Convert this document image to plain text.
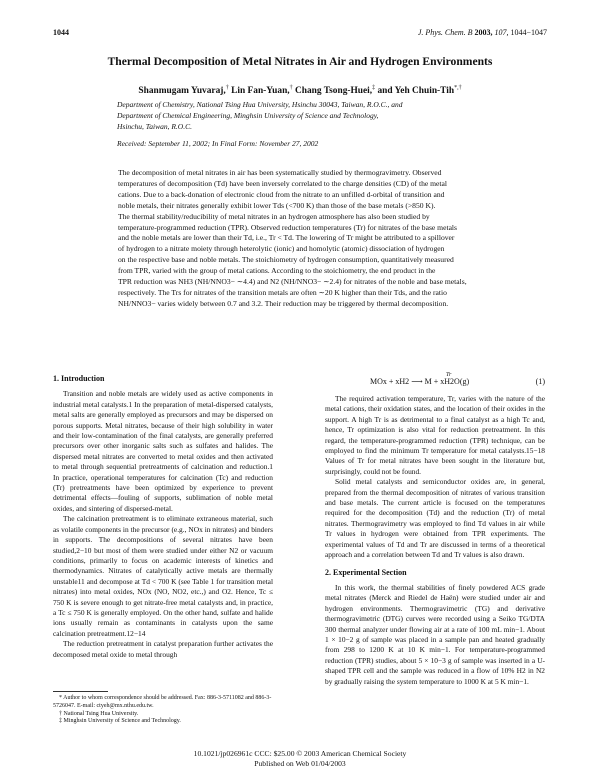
1044	J. Phys. Chem. B 2003, 107, 1044−1047
Thermal Decomposition of Metal Nitrates in Air and Hydrogen Environments
Shanmugam Yuvaraj,† Lin Fan-Yuan,† Chang Tsong-Huei,‡ and Yeh Chuin-Tih*,†
Department of Chemistry, National Tsing Hua University, Hsinchu 30043, Taiwan, R.O.C., and
Department of Chemical Engineering, Minghsin University of Science and Technology,
Hsinchu, Taiwan, R.O.C.
Received: September 11, 2002; In Final Form: November 27, 2002
The decomposition of metal nitrates in air has been systematically studied by thermogravimetry. Observed
temperatures of decomposition (Td) have been inversely correlated to the charge densities (CD) of the metal
cations. Due to a back-donation of electronic cloud from the nitrate to an unfilled d-orbital of transition and
noble metals, their nitrates generally exhibit lower Tds (<700 K) than those of the base metals (>850 K).
The thermal stability/reducibility of metal nitrates in an hydrogen atmosphere has also been studied by
temperature-programmed reduction (TPR). Observed reduction temperatures (Tr) for nitrates of the base metals
and the noble metals are lower than their Td, i.e., Tr < Td. The lowering of Tr might be attributed to a spillover
of hydrogen to a nitrate moiety through heterolytic (ionic) and homolytic (atomic) dissociation of hydrogen
on the respective base and noble metals. The stoichiometry of hydrogen consumption, quantitatively measured
from TPR, varied with the group of metal cations. According to the stoichiometry, the end product in the
TPR reduction was NH3 (NH/NNO3− ∼4.4) and N2 (NH/NNO3− ∼2.4) for nitrates of the noble and base metals,
respectively. The Trs for nitrates of the transition metals are often ∼20 K higher than their Tds, and the ratio
NH/NNO3− varies widely between 0.7 and 3.2. Their reduction may be triggered by thermal decomposition.
1. Introduction

Transition and noble metals are widely used as active components in industrial metal catalysts.1 In the preparation of metal-dispersed catalysts, metal salts are generally employed as precursors and may be dispersed on porous supports. Metal nitrates, because of their high solubility in water and their low-contamination of the final catalysts, are generally preferred precursors over other inorganic salts such as sulfates and halides. The dispersed metal nitrates are converted to metal oxides and then activated to metal through sequential pretreatments of calcination and reduction.1 In practice, operational temperatures for calcination (Tc) and reduction (Tr) pretreatments have been optimized by experience to prevent detrimental effects—fouling of supports, sublimation of noble metal oxides, and sintering of dispersed-metal.

The calcination pretreatment is to eliminate extraneous material, such as volatile components in the precursor (e.g., NOx in nitrates) and binders in supports. The decompositions of several nitrates have been studied,2−10 but most of them were studied under either N2 or vacuum conditions, primarily to focus on academic interests of kinetics and thermodynamics. Nitrates of catalytically active metals are thermally unstable11 and decompose at Td < 700 K (see Table 1 for transition metal nitrates) into metal oxides, NOx (NO, NO2, etc.,) and O2. Hence, Tc ≤ 750 K is severe enough to get nitrate-free metal catalysts and, in practice, a Tc ≤ 750 K is generally employed. On the other hand, sulfate and halide ions usually remain as contaminants in catalysts upon the same calcination pretreatment.12−14

The reduction pretreatment in catalyst preparation further activates the decomposed metal oxide to metal through

* Author to whom correspondence should be addressed. Fax: 886-3-5711082 and 886-3-5726047. E-mail: ctyeh@mx.nthu.edu.tw.
† National Tsing Hua University.
‡ Minghsin University of Science and Technology.
MOx + xH2 ⟶ M + xH2O(g)
Tr
(1)

The required activation temperature, Tr, varies with the nature of the metal cations, their oxidation states, and the location of their oxides in the support. A high Tr is as detrimental to a final catalyst as a high Tc and, hence, Tr optimization is also vital for reduction pretreatment. In this regard, the temperature-programmed reduction (TPR) technique, can be employed to find the minimum Tr temperature for metal catalysts.15−18 Values of Tr for metal nitrates have been sought in the literature but, surprisingly, could not be found.

Solid metal catalysts and semiconductor oxides are, in general, prepared from the thermal decomposition of nitrates of various transition and base metals. The current article is focused on the temperatures required for the decomposition (Td) and the reduction (Tr) of metal nitrates. Thermogravimetry was employed to find Td values in air while Tr values in hydrogen were obtained from TPR experiments. The experimental values of Td and Tr are discussed in terms of a theoretical approach and a correlation between Td and Tr values is also drawn.

2. Experimental Section

In this work, the thermal stabilities of finely powdered ACS grade metal nitrates (Merck and Riedel de Haën) were studied under air and hydrogen environments. Thermogravimetric (TG) and derivative thermogravimetric (DTG) curves were recorded using a Seiko TG/DTA 300 thermal analyzer under flowing air at a rate of 100 mL min−1. About 1 × 10−2 g of sample was placed in a sample pan and heated gradually from 298 to 1200 K at 10 K min−1. For temperature-programmed reduction (TPR) studies, about 5 × 10−3 g of sample was inserted in a U-shaped TPR cell and the sample was reduced in a flow of 10% H2 in N2 by gradually raising the system temperature to 1000 K at 5 K min−1.

10.1021/jp026961c CCC: $25.00 © 2003 American Chemical Society
Published on Web 01/04/2003
